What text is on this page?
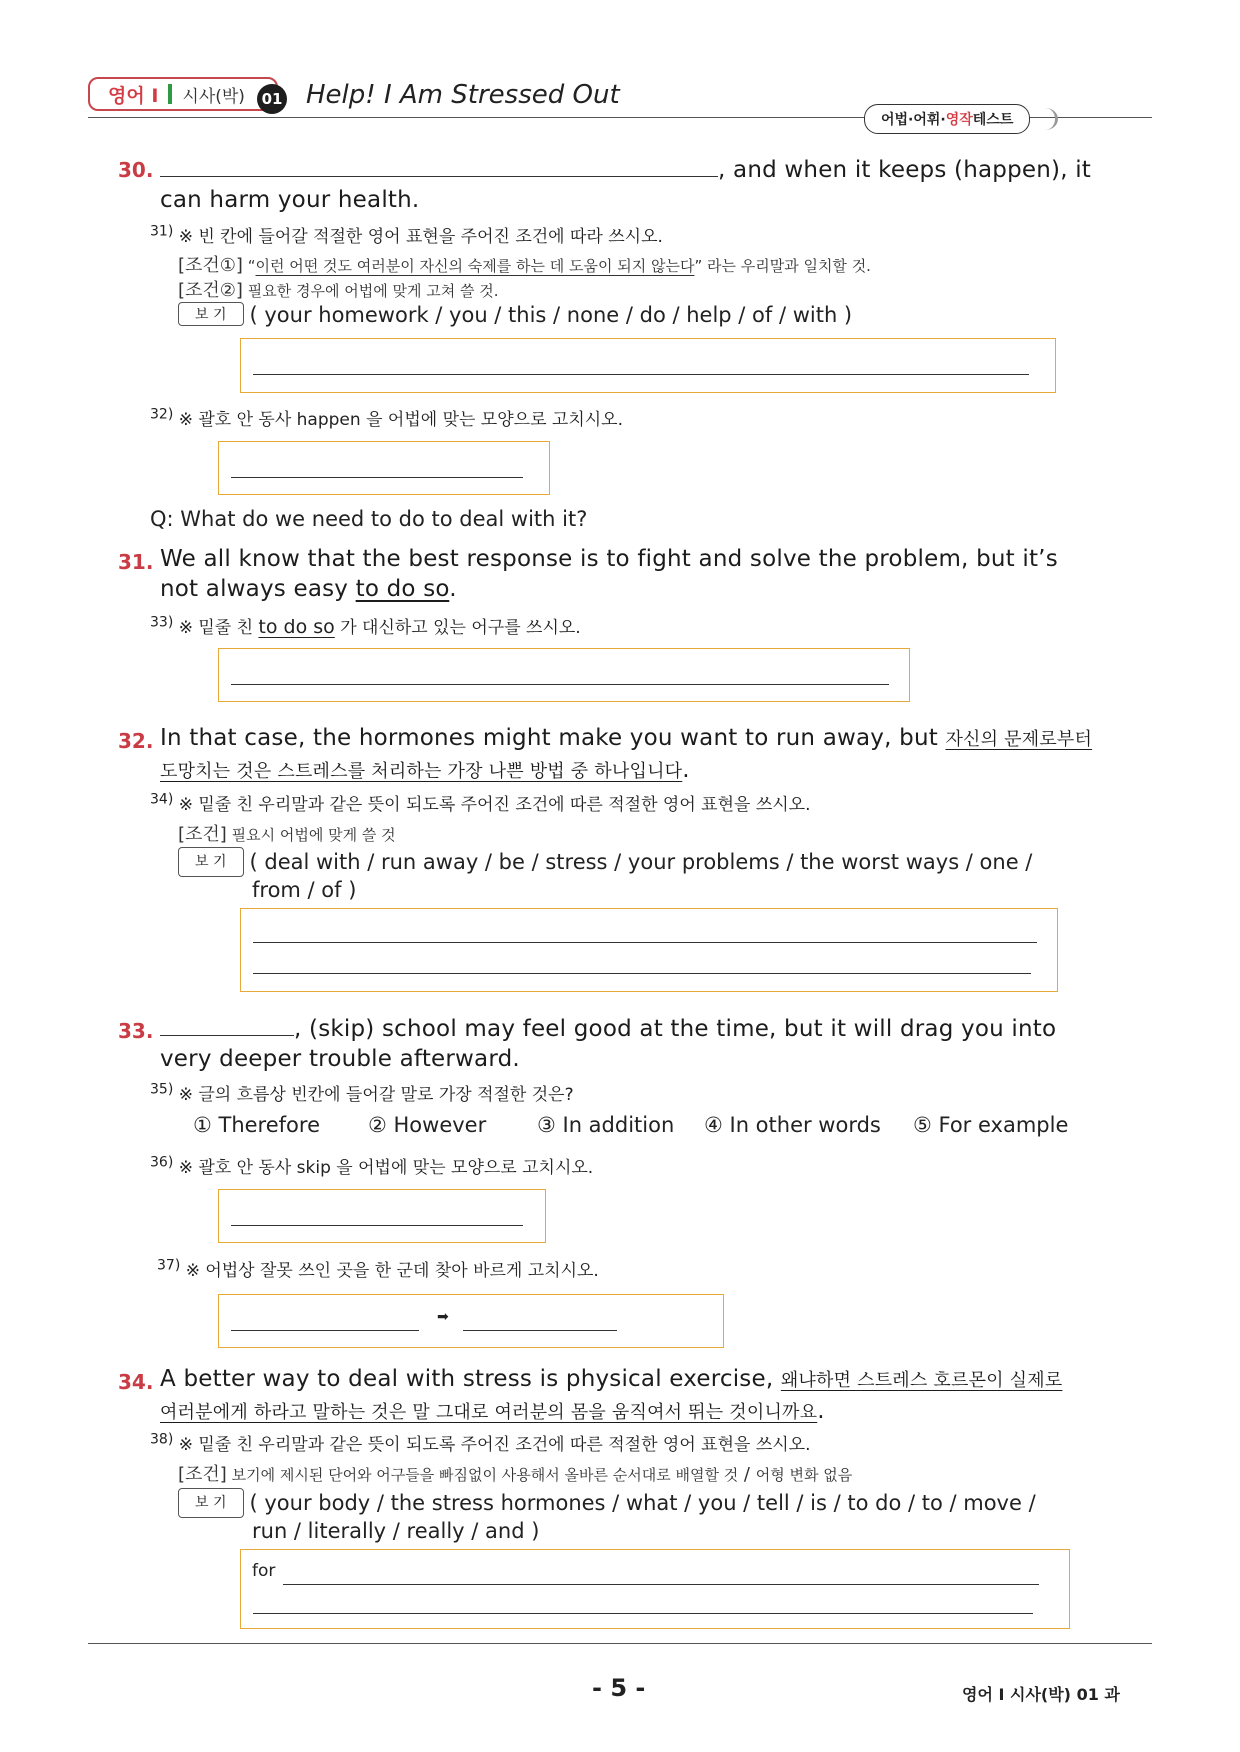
영어 I 시사(박)	01 Help! I Am Stressed Out
어법·어휘· 영작 테스트
30.	, and when it keeps (happen), it
can harm your health.
$^{31)}$ ※ 빈 칸에 들어갈 적절한 영어 표현을 주어진 조건에 따라 쓰시오.
[조건①] “이런 어떤 것도 여러분이 자신의 숙제를 하는 데 도움이 되지 않는다” 라는 우리말과 일치할 것.
[조건②] 필요한 경우에 어법에 맞게 고쳐 쓸 것.
보 기 ( your homework / you / this / none / do / help / of / with )
$^{32)}$ ※ 괄호 안 동사 happen 을 어법에 맞는 모양으로 고치시오.
Q: What do we need to do to deal with it?
31. We all know that the best response is to fight and solve the problem, but it’s
not always easy to do so.
$^{33)}$ ※ 밑줄 친 to do so 가 대신하고 있는 어구를 쓰시오.
32. In that case, the hormones might make you want to run away, but 자신의 문제로부터
도망치는 것은 스트레스를 처리하는 가장 나쁜 방법 중 하나입니다.
$^{34)}$ ※ 밑줄 친 우리말과 같은 뜻이 되도록 주어진 조건에 따른 적절한 영어 표현을 쓰시오.
[조건] 필요시 어법에 맞게 쓸 것
보 기 ( deal with / run away / be / stress / your problems / the worst ways / one /
from / of )
33.	, (skip) school may feel good at the time, but it will drag you into
very deeper trouble afterward.
$^{35)}$ ※ 글의 흐름상 빈칸에 들어갈 말로 가장 적절한 것은?
① Therefore ② However ③ In addition ④ In other words ⑤ For example
$^{36)}$ ※ 괄호 안 동사 skip 을 어법에 맞는 모양으로 고치시오.
$^{37)}$ ※ 어법상 잘못 쓰인 곳을 한 군데 찾아 바르게 고치시오.
➡
34. A better way to deal with stress is physical exercise, 왜냐하면 스트레스 호르몬이 실제로
여러분에게 하라고 말하는 것은 말 그대로 여러분의 몸을 움직여서 뛰는 것이니까요.
$^{38)}$ ※ 밑줄 친 우리말과 같은 뜻이 되도록 주어진 조건에 따른 적절한 영어 표현을 쓰시오.
[조건] 보기에 제시된 단어와 어구들을 빠짐없이 사용해서 올바른 순서대로 배열할 것 / 어형 변화 없음
보 기 ( your body / the stress hormones / what / you / tell / is / to do / to / move /
run / literally / really / and )
for
- 5 -	영어 I 시사(박) 01 과
